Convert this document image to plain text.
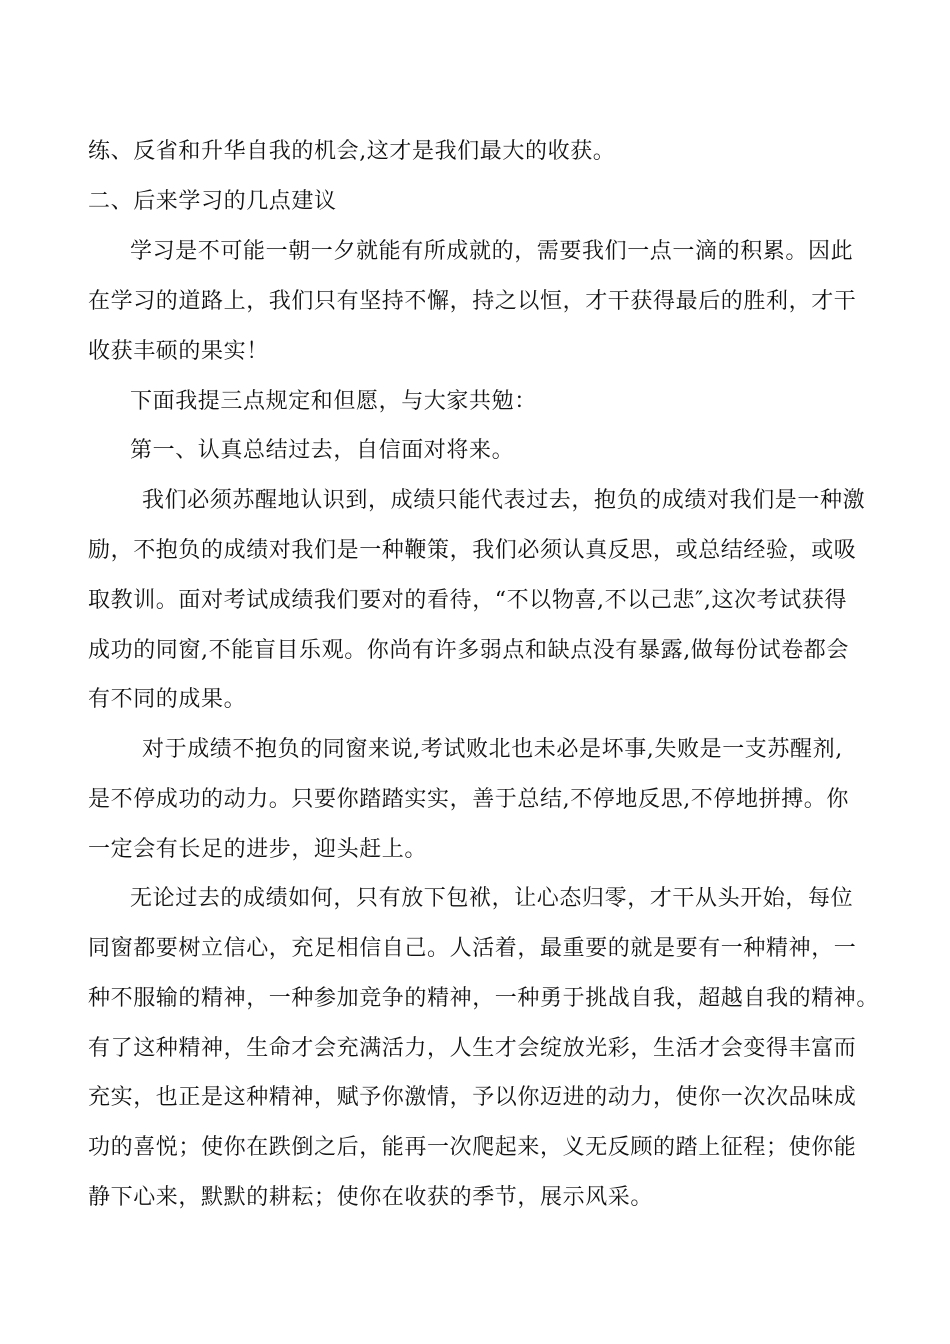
练、反省和升华自我的机会,这才是我们最大的收获。
二、后来学习的几点建议
学习是不可能一朝一夕就能有所成就的，需要我们一点一滴的积累。因此
在学习的道路上，我们只有坚持不懈，持之以恒，才干获得最后的胜利，才干
收获丰硕的果实！
下面我提三点规定和但愿，与大家共勉：
第一、认真总结过去，自信面对将来。
我们必须苏醒地认识到，成绩只能代表过去，抱负的成绩对我们是一种激
励，不抱负的成绩对我们是一种鞭策，我们必须认真反思，或总结经验，或吸
取教训。面对考试成绩我们要对的看待，“不以物喜,不以己悲″,这次考试获得
成功的同窗,不能盲目乐观。你尚有许多弱点和缺点没有暴露,做每份试卷都会
有不同的成果。
对于成绩不抱负的同窗来说,考试败北也未必是坏事,失败是一支苏醒剂,
是不停成功的动力。只要你踏踏实实，善于总结,不停地反思,不停地拼搏。你
一定会有长足的进步，迎头赶上。
无论过去的成绩如何，只有放下包袱，让心态归零，才干从头开始，每位
同窗都要树立信心，充足相信自己。人活着，最重要的就是要有一种精神，一
种不服输的精神，一种参加竞争的精神，一种勇于挑战自我，超越自我的精神。
有了这种精神，生命才会充满活力，人生才会绽放光彩，生活才会变得丰富而
充实，也正是这种精神，赋予你激情，予以你迈进的动力，使你一次次品味成
功的喜悦；使你在跌倒之后，能再一次爬起来，义无反顾的踏上征程；使你能
静下心来，默默的耕耘；使你在收获的季节，展示风采。
